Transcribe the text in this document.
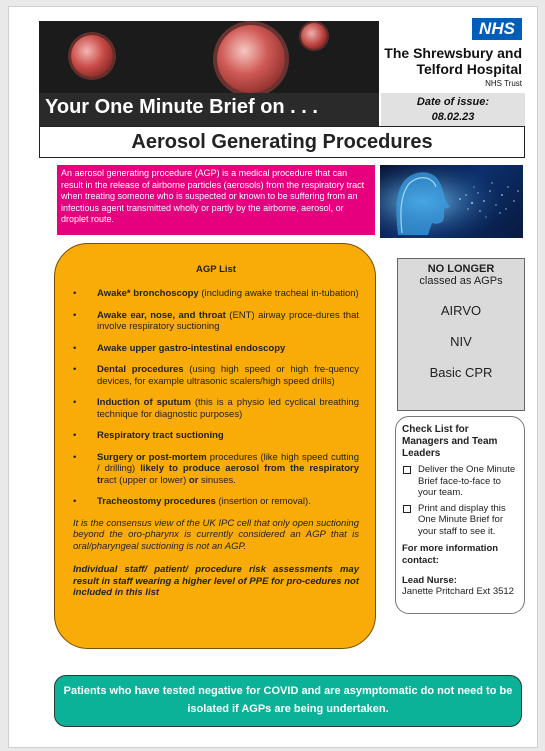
Your One Minute Brief on . . .
NHS
The Shrewsbury and
Telford Hospital
NHS Trust
Date of issue:
08.02.23
Aerosol Generating Procedures
An aerosol generating procedure (AGP) is a medical procedure that can result in the release of airborne particles (aerosols) from the respiratory tract when treating someone who is suspected or known to be suffering from an infectious agent transmitted wholly or partly by the airborne, aerosol, or droplet route.
AGP List
• Awake* bronchoscopy (including awake tracheal in-tubation)
• Awake ear, nose, and throat (ENT) airway proce-dures that involve respiratory suctioning
• Awake upper gastro-intestinal endoscopy
• Dental procedures (using high speed or high fre-quency devices, for example ultrasonic scalers/high speed drills)
• Induction of sputum (this is a physio led cyclical breathing technique for diagnostic purposes)
• Respiratory tract suctioning
• Surgery or post-mortem procedures (like high speed cutting / drilling) likely to produce aerosol from the respiratory tract (upper or lower) or sinuses.
• Tracheostomy procedures (insertion or removal).
It is the consensus view of the UK IPC cell that only open suctioning beyond the oro-pharynx is currently considered an AGP that is oral/pharyngeal suctioning is not an AGP.
Individual staff/ patient/ procedure risk assessments may result in staff wearing a higher level of PPE for pro-cedures not included in this list
NO LONGER
classed as AGPs
AIRVO
NIV
Basic CPR
Check List for Managers and Team Leaders
Deliver the One Minute Brief face-to-face to your team.
Print and display this One Minute Brief for your staff to see it.
For more information contact:
Lead Nurse:
Janette Pritchard Ext 3512
Patients who have tested negative for COVID and are asymptomatic do not need to be isolated if AGPs are being undertaken.
